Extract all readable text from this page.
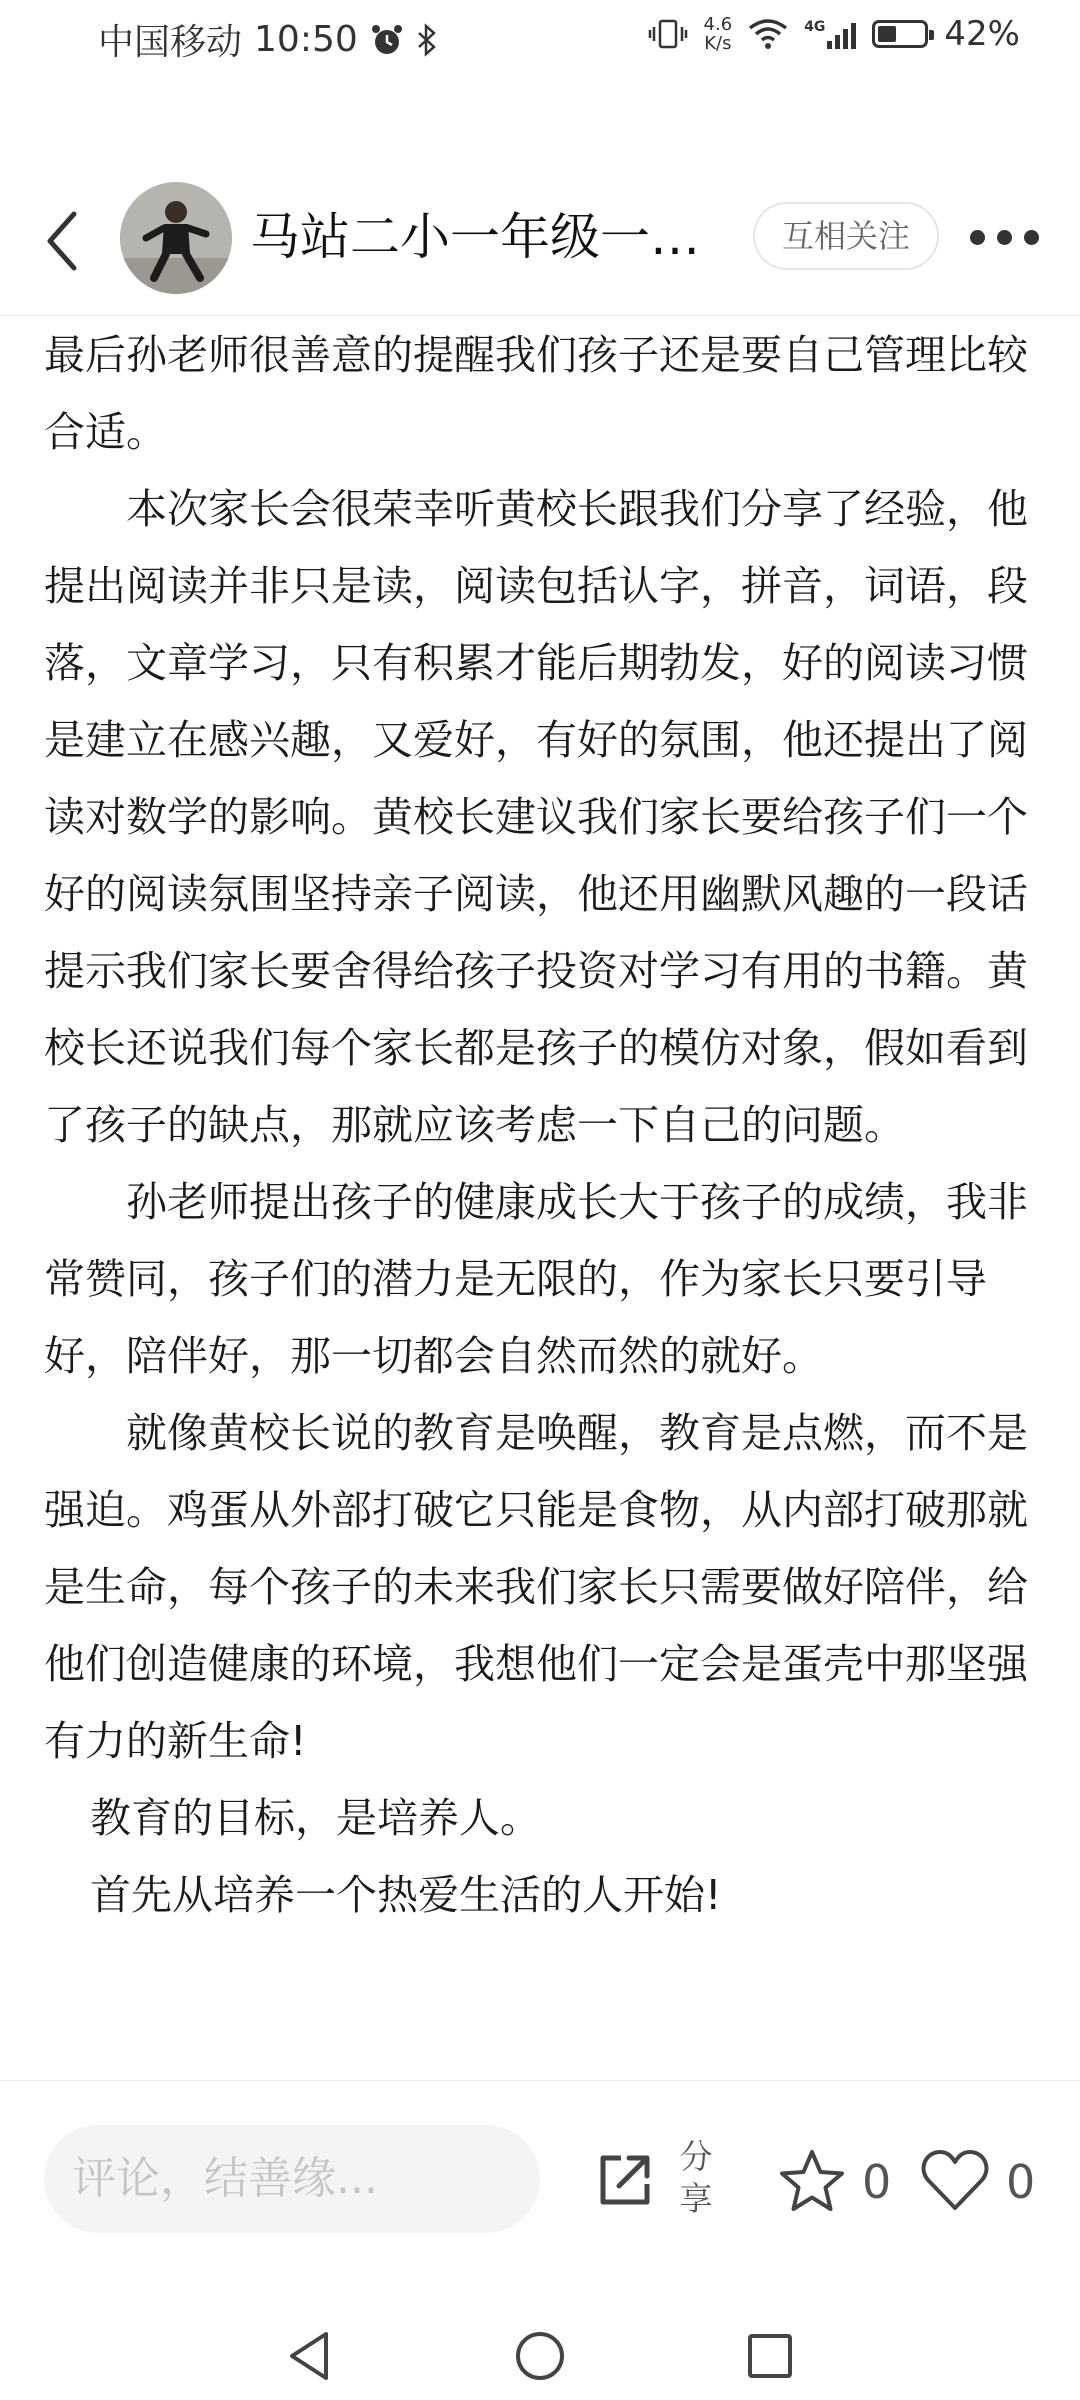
中国移动 10:50	4.6
K/s
4G	42%
马站二小一年级一…	互相关注

最后孙老师很善意的提醒我们孩子还是要自己管理比较合适。

本次家长会很荣幸听黄校长跟我们分享了经验，他提出阅读并非只是读，阅读包括认字，拼音，词语，段落，文章学习，只有积累才能后期勃发，好的阅读习惯是建立在感兴趣，又爱好，有好的氛围，他还提出了阅读对数学的影响。黄校长建议我们家长要给孩子们一个好的阅读氛围坚持亲子阅读，他还用幽默风趣的一段话提示我们家长要舍得给孩子投资对学习有用的书籍。黄校长还说我们每个家长都是孩子的模仿对象，假如看到了孩子的缺点，那就应该考虑一下自己的问题。

孙老师提出孩子的健康成长大于孩子的成绩，我非常赞同，孩子们的潜力是无限的，作为家长只要引导好，陪伴好，那一切都会自然而然的就好。

就像黄校长说的教育是唤醒，教育是点燃，而不是强迫。鸡蛋从外部打破它只能是食物，从内部打破那就是生命，每个孩子的未来我们家长只需要做好陪伴，给他们创造健康的环境，我想他们一定会是蛋壳中那坚强有力的新生命!

教育的目标，是培养人。

首先从培养一个热爱生活的人开始!

评论，结善缘...	分享	0 0
